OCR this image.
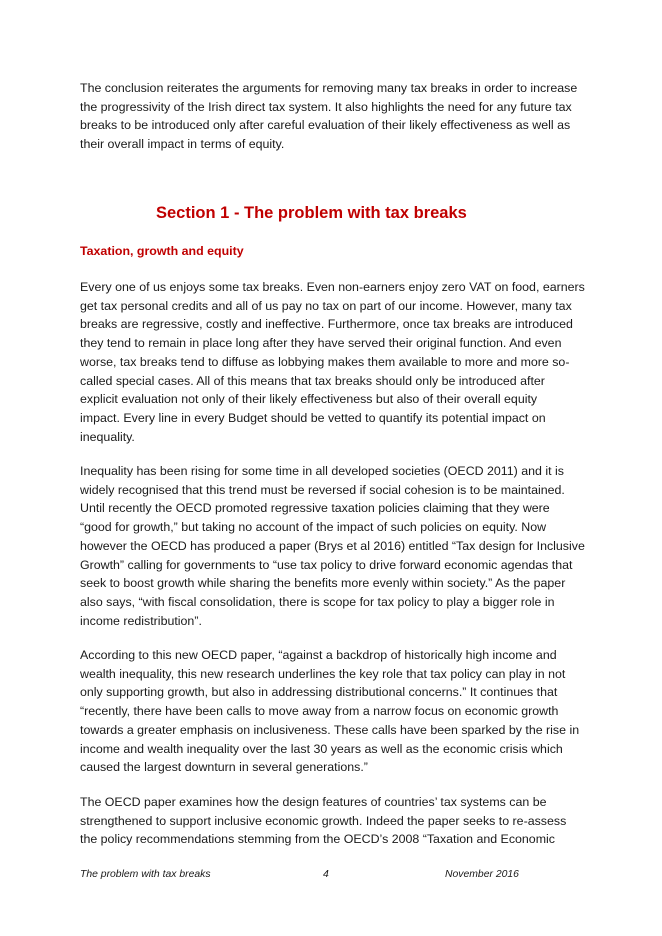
The conclusion reiterates the arguments for removing many tax breaks in order to increase
the progressivity of the Irish direct tax system. It also highlights the need for any future tax
breaks to be introduced only after careful evaluation of their likely effectiveness as well as
their overall impact in terms of equity.
Section 1 - The problem with tax breaks
Taxation, growth and equity
Every one of us enjoys some tax breaks. Even non-earners enjoy zero VAT on food, earners
get tax personal credits and all of us pay no tax on part of our income. However, many tax
breaks are regressive, costly and ineffective. Furthermore, once tax breaks are introduced
they tend to remain in place long after they have served their original function. And even
worse, tax breaks tend to diffuse as lobbying makes them available to more and more so-
called special cases. All of this means that tax breaks should only be introduced after
explicit evaluation not only of their likely effectiveness but also of their overall equity
impact. Every line in every Budget should be vetted to quantify its potential impact on
inequality.
Inequality has been rising for some time in all developed societies (OECD 2011) and it is
widely recognised that this trend must be reversed if social cohesion is to be maintained.
Until recently the OECD promoted regressive taxation policies claiming that they were
“good for growth,” but taking no account of the impact of such policies on equity. Now
however the OECD has produced a paper (Brys et al 2016) entitled “Tax design for Inclusive
Growth” calling for governments to “use tax policy to drive forward economic agendas that
seek to boost growth while sharing the benefits more evenly within society.” As the paper
also says, “with fiscal consolidation, there is scope for tax policy to play a bigger role in
income redistribution”.
According to this new OECD paper, “against a backdrop of historically high income and
wealth inequality, this new research underlines the key role that tax policy can play in not
only supporting growth, but also in addressing distributional concerns.” It continues that
“recently, there have been calls to move away from a narrow focus on economic growth
towards a greater emphasis on inclusiveness. These calls have been sparked by the rise in
income and wealth inequality over the last 30 years as well as the economic crisis which
caused the largest downturn in several generations.”
The OECD paper examines how the design features of countries’ tax systems can be
strengthened to support inclusive economic growth. Indeed the paper seeks to re-assess
the policy recommendations stemming from the OECD’s 2008 “Taxation and Economic
The problem with tax breaks	4	November 2016
